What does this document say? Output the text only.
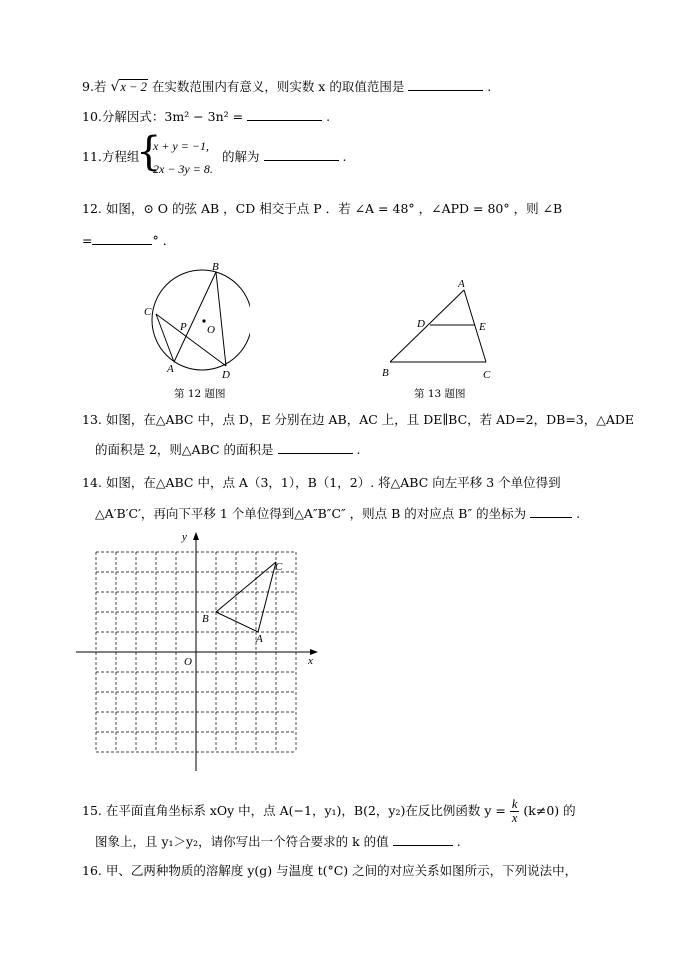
9.若 √x − 2 在实数范围内有意义，则实数 x 的取值范围是	.
10.分解因式：3m² − 3n² =	.
11.方程组
{
x + y = −1,
2x − 3y = 8.
的解为	.
12. 如图，⊙ O 的弦 AB ，CD 相交于点 P ．若 ∠A = 48° ，∠APD = 80° ，则 ∠B
=	° ．
B
C
P O
A	D
第 12 题图
A
D	E
B	C
第 13 题图
13. 如图，在△ABC 中，点 D，E 分别在边 AB，AC 上，且 DE∥BC，若 AD=2，DB=3，△ADE
的面积是 2，则△ABC 的面积是	.
14. 如图，在△ABC 中，点 A（3，1），B（1，2）. 将△ABC 向左平移 3 个单位得到
△A′B′C′，再向下平移 1 个单位得到△A″B″C″ ，则点 B 的对应点 B″ 的坐标为	.
y
x
O
C
B
A
15. 在平面直角坐标系 xOy 中，点 A(−1，y₁)，B(2，y₂)在反比例函数 $y = \frac{k}{x} (k\ne 0)$ 的
图象上，且 y₁＞y₂，请你写出一个符合要求的 k 的值	.
16. 甲、乙两种物质的溶解度 y(g) 与温度 t(°C) 之间的对应关系如图所示，下列说法中，
